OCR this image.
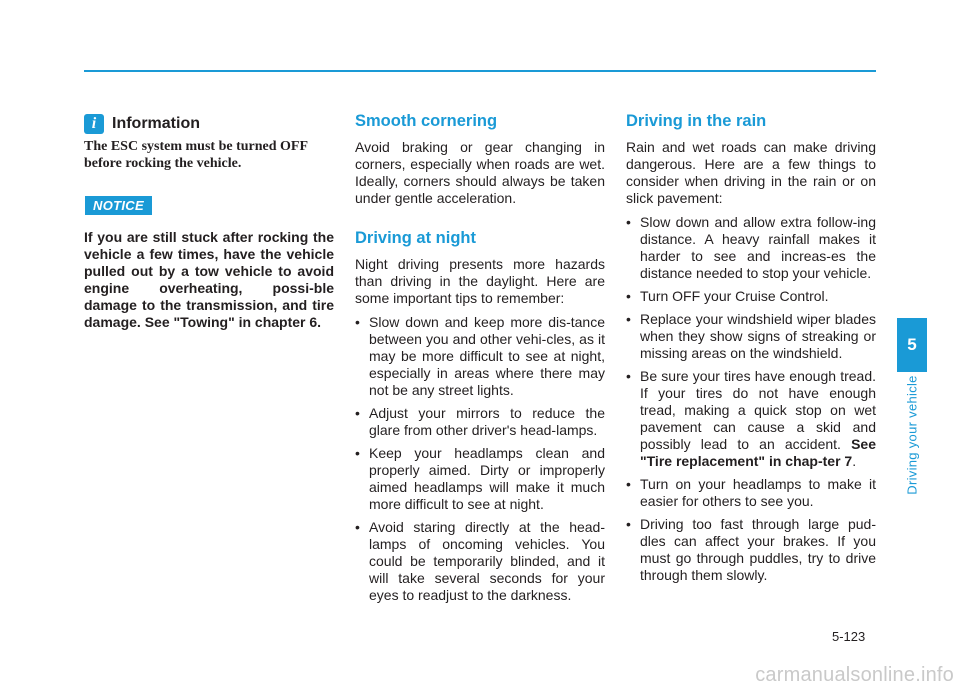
i Information

The ESC system must be turned OFF before rocking the vehicle.

NOTICE

If you are still stuck after rocking the vehicle a few times, have the vehicle pulled out by a tow vehicle to avoid engine overheating, possi-ble damage to the transmission, and tire damage. See "Towing" in chapter 6.

Smooth cornering

Avoid braking or gear changing in corners, especially when roads are wet. Ideally, corners should always be taken under gentle acceleration.

Driving at night

Night driving presents more hazards than driving in the daylight. Here are some important tips to remember:

• Slow down and keep more dis-tance between you and other vehi-cles, as it may be more difficult to see at night, especially in areas where there may not be any street lights.
• Adjust your mirrors to reduce the glare from other driver's head-lamps.
• Keep your headlamps clean and properly aimed. Dirty or improperly aimed headlamps will make it much more difficult to see at night.
• Avoid staring directly at the head-lamps of oncoming vehicles. You could be temporarily blinded, and it will take several seconds for your eyes to readjust to the darkness.
Driving in the rain

Rain and wet roads can make driving dangerous. Here are a few things to consider when driving in the rain or on slick pavement:

• Slow down and allow extra follow-ing distance. A heavy rainfall makes it harder to see and increas-es the distance needed to stop your vehicle.
• Turn OFF your Cruise Control.
• Replace your windshield wiper blades when they show signs of streaking or missing areas on the windshield.
• Be sure your tires have enough tread. If your tires do not have enough tread, making a quick stop on wet pavement can cause a skid and possibly lead to an accident. See "Tire replacement" in chap-ter 7.
• Turn on your headlamps to make it easier for others to see you.
• Driving too fast through large pud-dles can affect your brakes. If you must go through puddles, try to drive through them slowly.
5
Driving your vehicle
5-123
carmanualsonline.info
